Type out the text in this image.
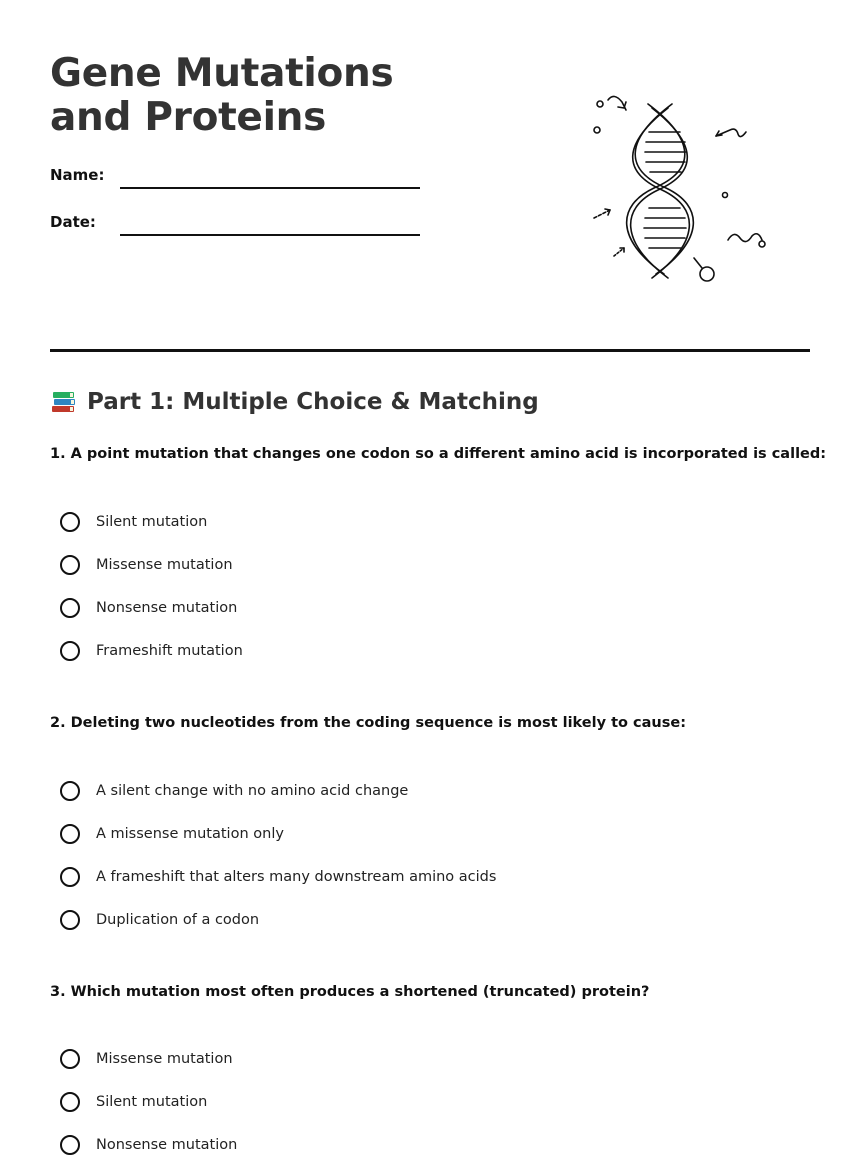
Gene Mutations and Proteins
Name:
Date:
Part 1: Multiple Choice & Matching
1. A point mutation that changes one codon so a different amino acid is incorporated is called:
Silent mutation
Missense mutation
Nonsense mutation
Frameshift mutation
2. Deleting two nucleotides from the coding sequence is most likely to cause:
A silent change with no amino acid change
A missense mutation only
A frameshift that alters many downstream amino acids
Duplication of a codon
3. Which mutation most often produces a shortened (truncated) protein?
Missense mutation
Silent mutation
Nonsense mutation
